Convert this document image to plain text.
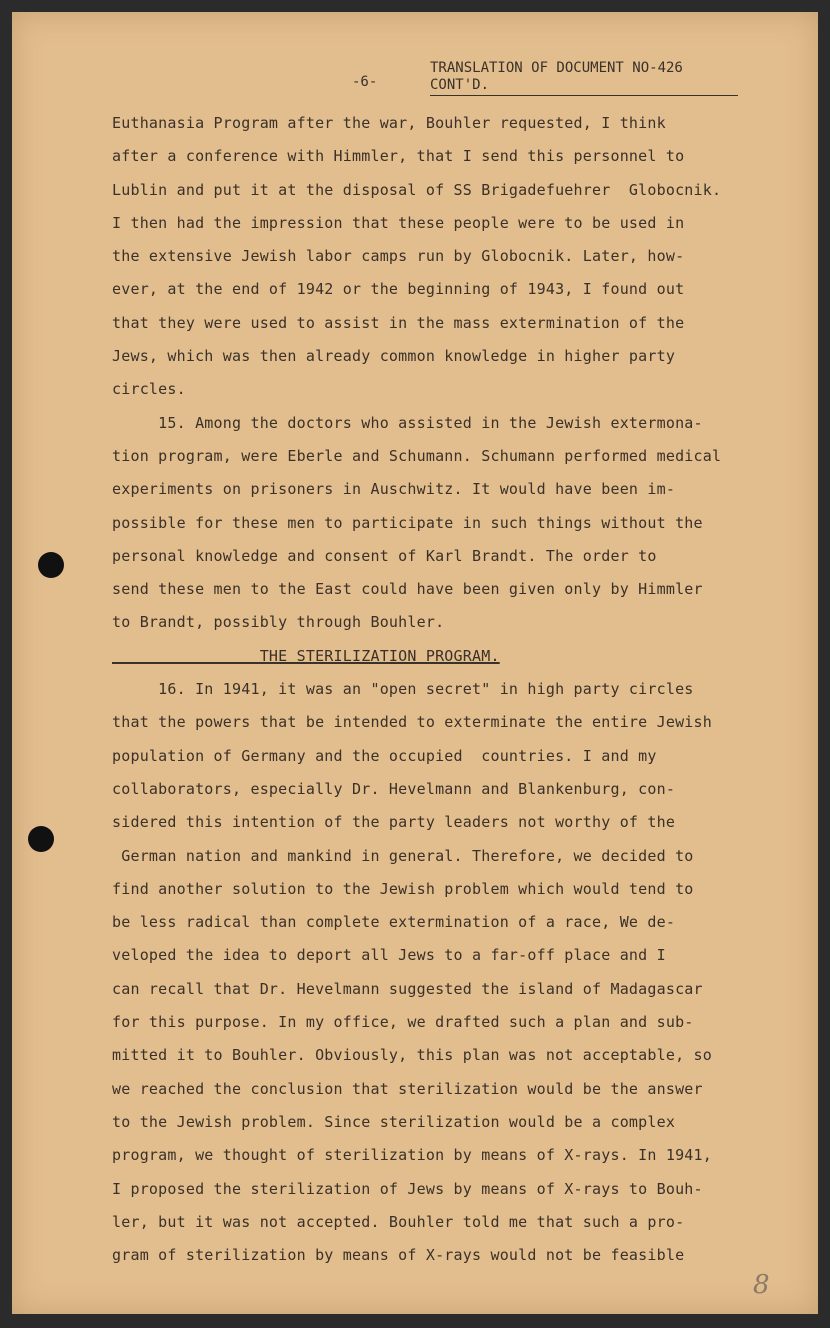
-6-
TRANSLATION OF DOCUMENT NO-426
CONT'D.
Euthanasia Program after the war, Bouhler requested, I think
after a conference with Himmler, that I send this personnel to
Lublin and put it at the disposal of SS Brigadefuehrer  Globocnik.
I then had the impression that these people were to be used in
the extensive Jewish labor camps run by Globocnik. Later, how-
ever, at the end of 1942 or the beginning of 1943, I found out
that they were used to assist in the mass extermination of the
Jews, which was then already common knowledge in higher party
circles.
15. Among the doctors who assisted in the Jewish extermona-
tion program, were Eberle and Schumann. Schumann performed medical
experiments on prisoners in Auschwitz. It would have been im-
possible for these men to participate in such things without the
personal knowledge and consent of Karl Brandt. The order to
send these men to the East could have been given only by Himmler
to Brandt, possibly through Bouhler.
THE STERILIZATION PROGRAM.
16. In 1941, it was an "open secret" in high party circles
that the powers that be intended to exterminate the entire Jewish
population of Germany and the occupied  countries. I and my
collaborators, especially Dr. Hevelmann and Blankenburg, con-
sidered this intention of the party leaders not worthy of the
German nation and mankind in general. Therefore, we decided to
find another solution to the Jewish problem which would tend to
be less radical than complete extermination of a race, We de-
veloped the idea to deport all Jews to a far-off place and I
can recall that Dr. Hevelmann suggested the island of Madagascar
for this purpose. In my office, we drafted such a plan and sub-
mitted it to Bouhler. Obviously, this plan was not acceptable, so
we reached the conclusion that sterilization would be the answer
to the Jewish problem. Since sterilization would be a complex
program, we thought of sterilization by means of X-rays. In 1941,
I proposed the sterilization of Jews by means of X-rays to Bouh-
ler, but it was not accepted. Bouhler told me that such a pro-
gram of sterilization by means of X-rays would not be feasible
8
